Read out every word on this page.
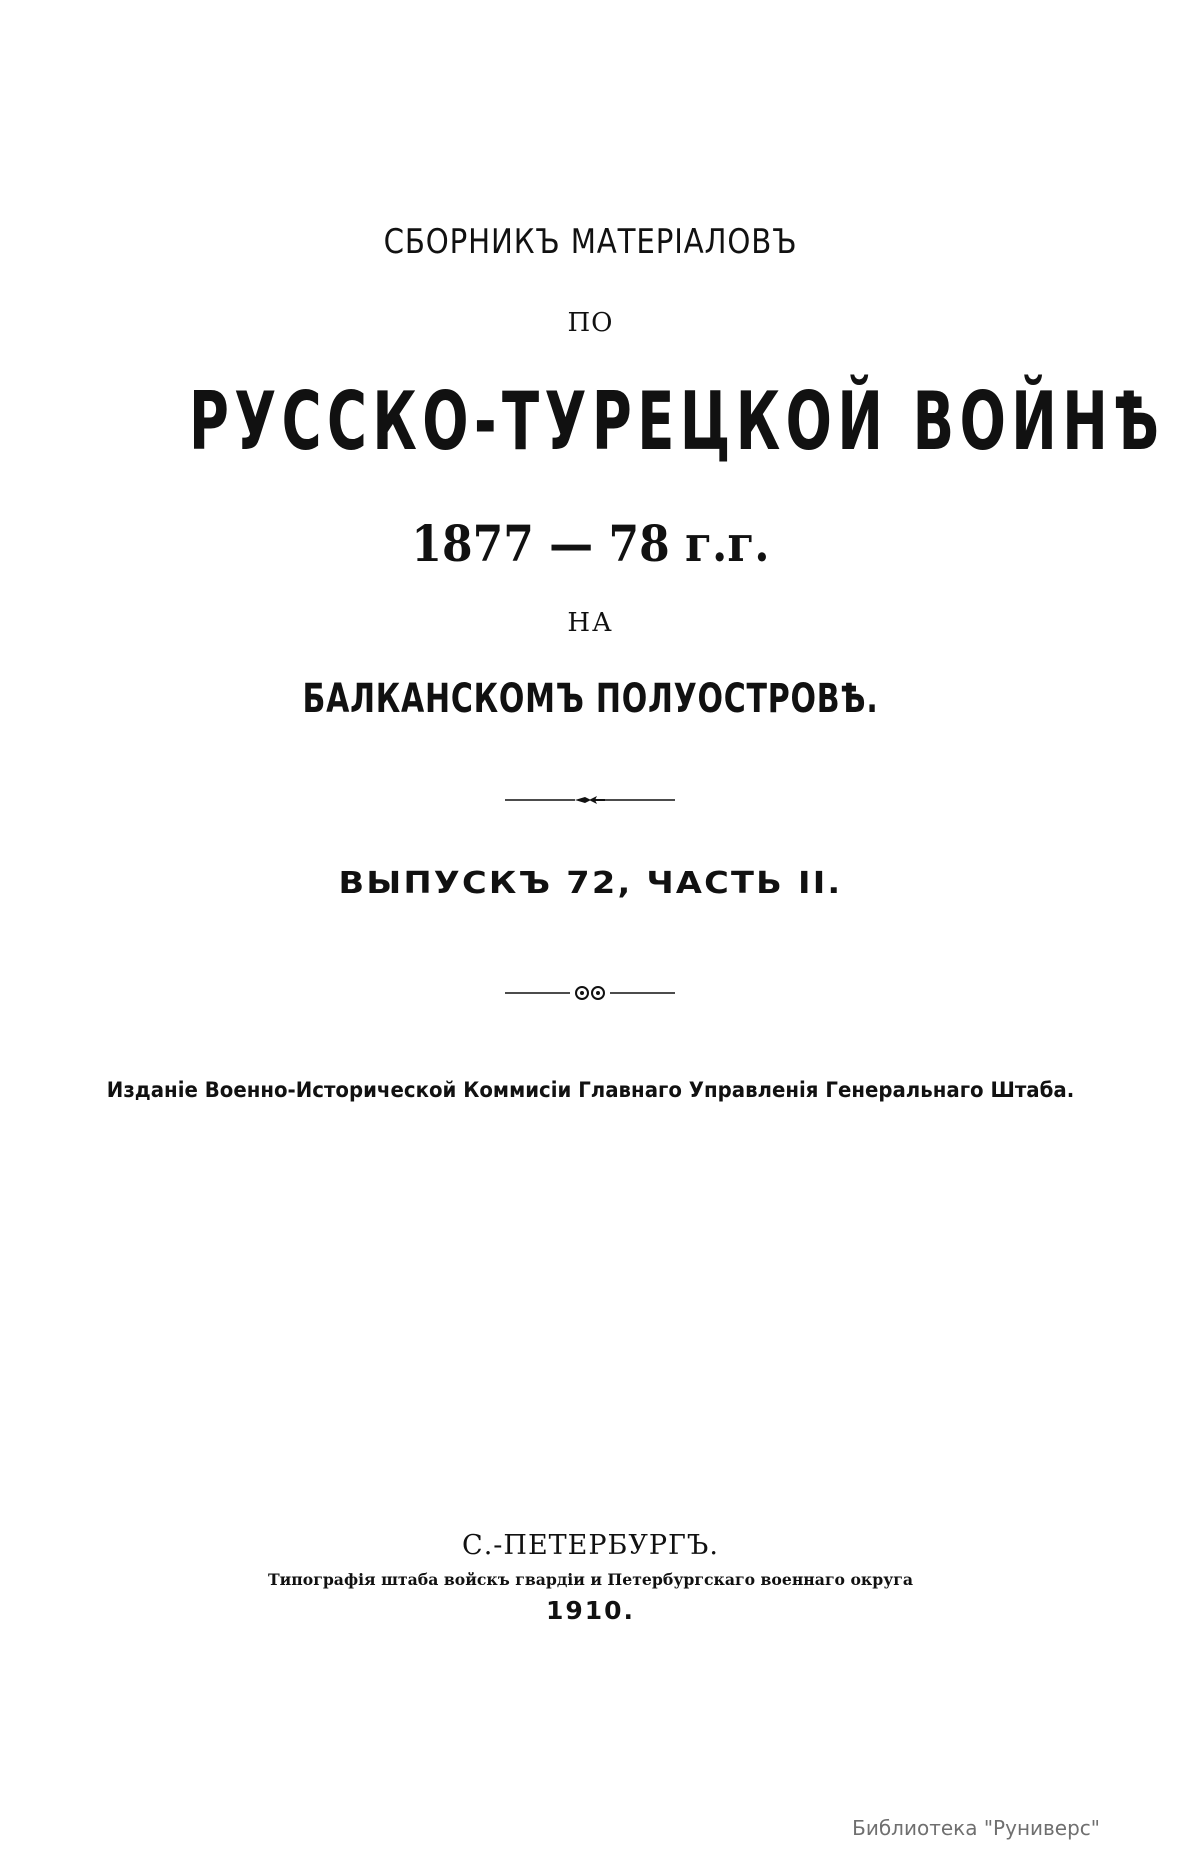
СБОРНИКЪ МАТЕРІАЛОВЪ
ПО
РУССКО-ТУРЕЦКОЙ ВОЙНѢ
1877 — 78 г.г.
НА
БАЛКАНСКОМЪ ПОЛУОСТРОВѢ.
ВЫПУСКЪ 72, ЧАСТЬ II.
Изданіе Военно-Исторической Коммисіи Главнаго Управленія Генеральнаго Штаба.
С.-ПЕТЕРБУРГЪ.
Типографія штаба войскъ гвардіи и Петербургскаго военнаго округа
1910.
Библиотека "Руниверс"
